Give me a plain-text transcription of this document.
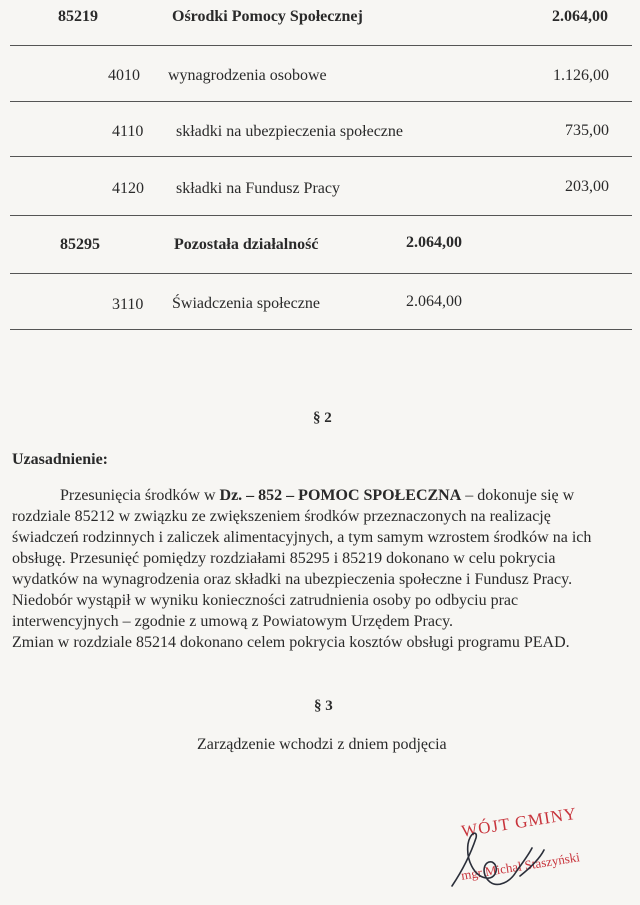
85219	Ośrodki Pomocy Społecznej	2.064,00
4010 wynagrodzenia osobowe	1.126,00
4110 składki na ubezpieczenia społeczne	735,00
4120 składki na Fundusz Pracy	203,00
85295	Pozostała działalność	2.064,00
3110 Świadczenia społeczne	2.064,00
§ 2
Uzasadnienie:

Przesunięcia środków w Dz. – 852 – POMOC SPOŁECZNA – dokonuje się w rozdziale 85212 w związku ze zwiększeniem środków przeznaczonych na realizację świadczeń rodzinnych i zaliczek alimentacyjnych, a tym samym wzrostem środków na ich obsługę. Przesunięć pomiędzy rozdziałami 85295 i 85219 dokonano w celu pokrycia wydatków na wynagrodzenia oraz składki na ubezpieczenia społeczne i Fundusz Pracy. Niedobór wystąpił w wyniku konieczności zatrudnienia osoby po odbyciu prac interwencyjnych – zgodnie z umową z Powiatowym Urzędem Pracy.

Zmian w rozdziale 85214 dokonano celem pokrycia kosztów obsługi programu PEAD.

§ 3
Zarządzenie wchodzi z dniem podjęcia
WÓJT GMINY
mgr Michał Staszyński
